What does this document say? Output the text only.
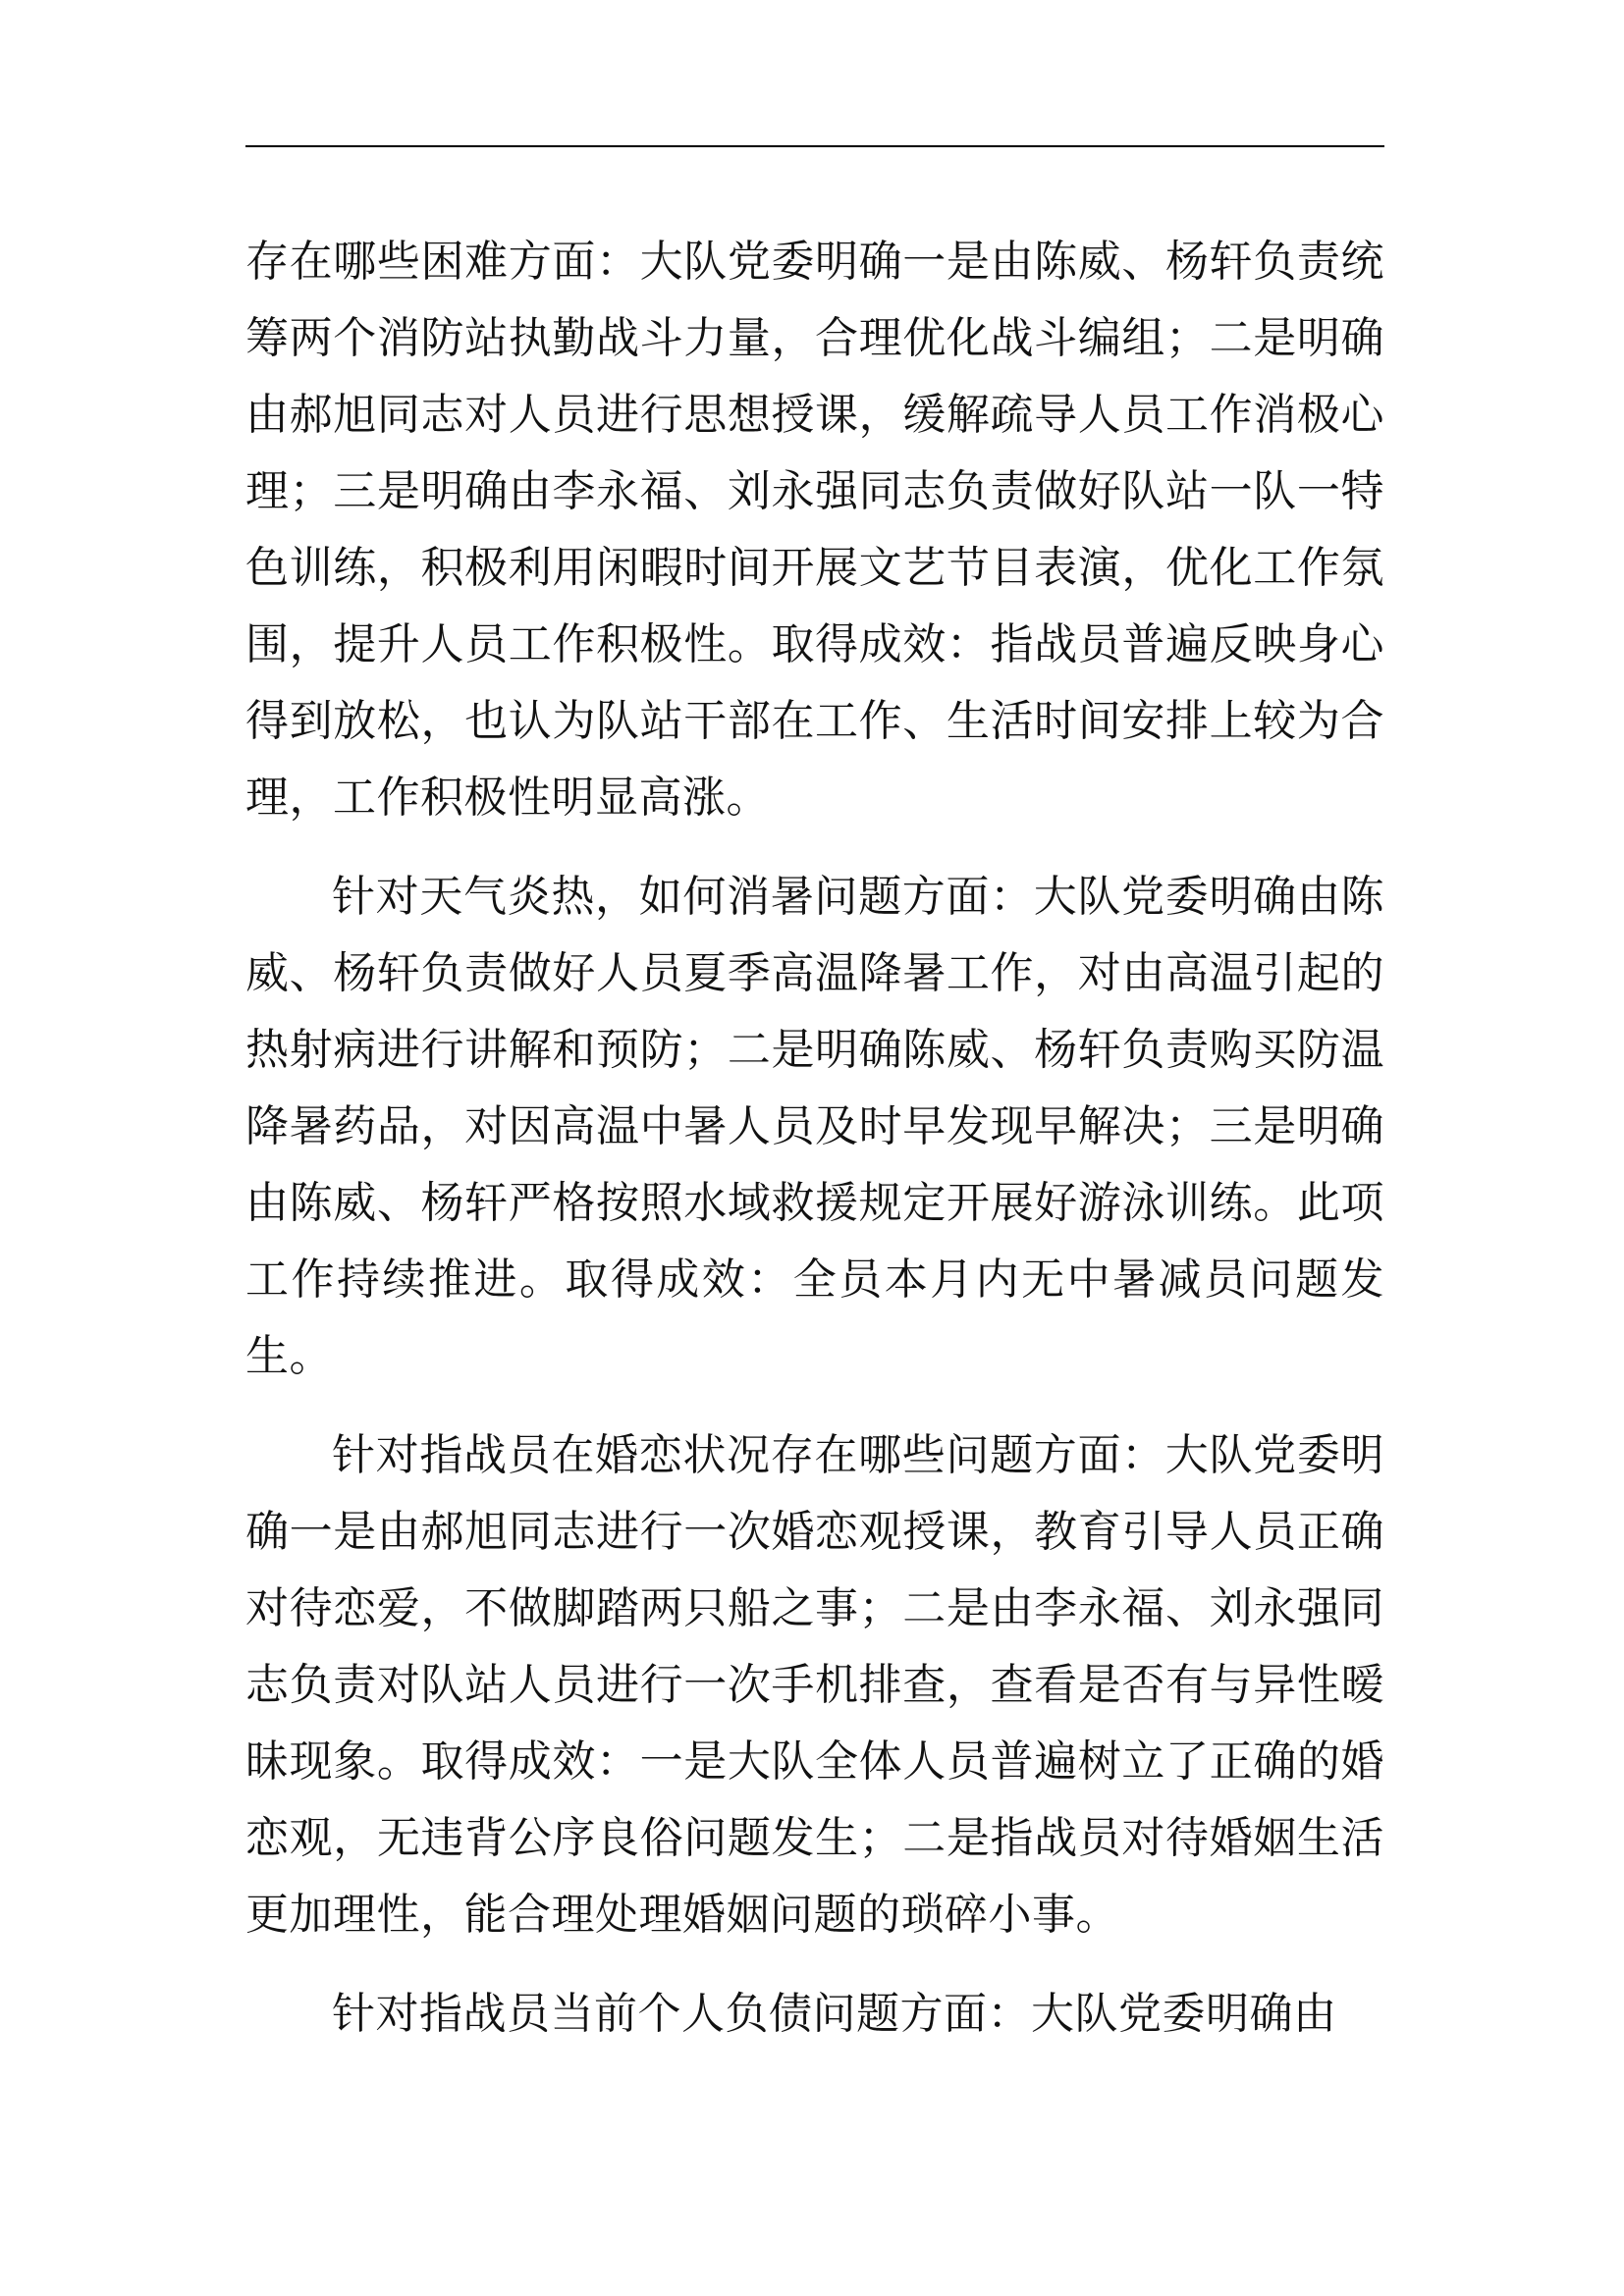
存在哪些困难方面：大队党委明确一是由陈威、杨轩负责统筹两个消防站执勤战斗力量，合理优化战斗编组；二是明确由郝旭同志对人员进行思想授课，缓解疏导人员工作消极心理；三是明确由李永福、刘永强同志负责做好队站一队一特色训练，积极利用闲暇时间开展文艺节目表演，优化工作氛围，提升人员工作积极性。取得成效：指战员普遍反映身心得到放松，也认为队站干部在工作、生活时间安排上较为合理，工作积极性明显高涨。

针对天气炎热，如何消暑问题方面：大队党委明确由陈威、杨轩负责做好人员夏季高温降暑工作，对由高温引起的热射病进行讲解和预防；二是明确陈威、杨轩负责购买防温降暑药品，对因高温中暑人员及时早发现早解决；三是明确由陈威、杨轩严格按照水域救援规定开展好游泳训练。此项工作持续推进。取得成效：全员本月内无中暑减员问题发生。

针对指战员在婚恋状况存在哪些问题方面：大队党委明确一是由郝旭同志进行一次婚恋观授课，教育引导人员正确对待恋爱，不做脚踏两只船之事；二是由李永福、刘永强同志负责对队站人员进行一次手机排查，查看是否有与异性暧昧现象。取得成效：一是大队全体人员普遍树立了正确的婚恋观，无违背公序良俗问题发生；二是指战员对待婚姻生活更加理性，能合理处理婚姻问题的琐碎小事。

针对指战员当前个人负债问题方面：大队党委明确由
